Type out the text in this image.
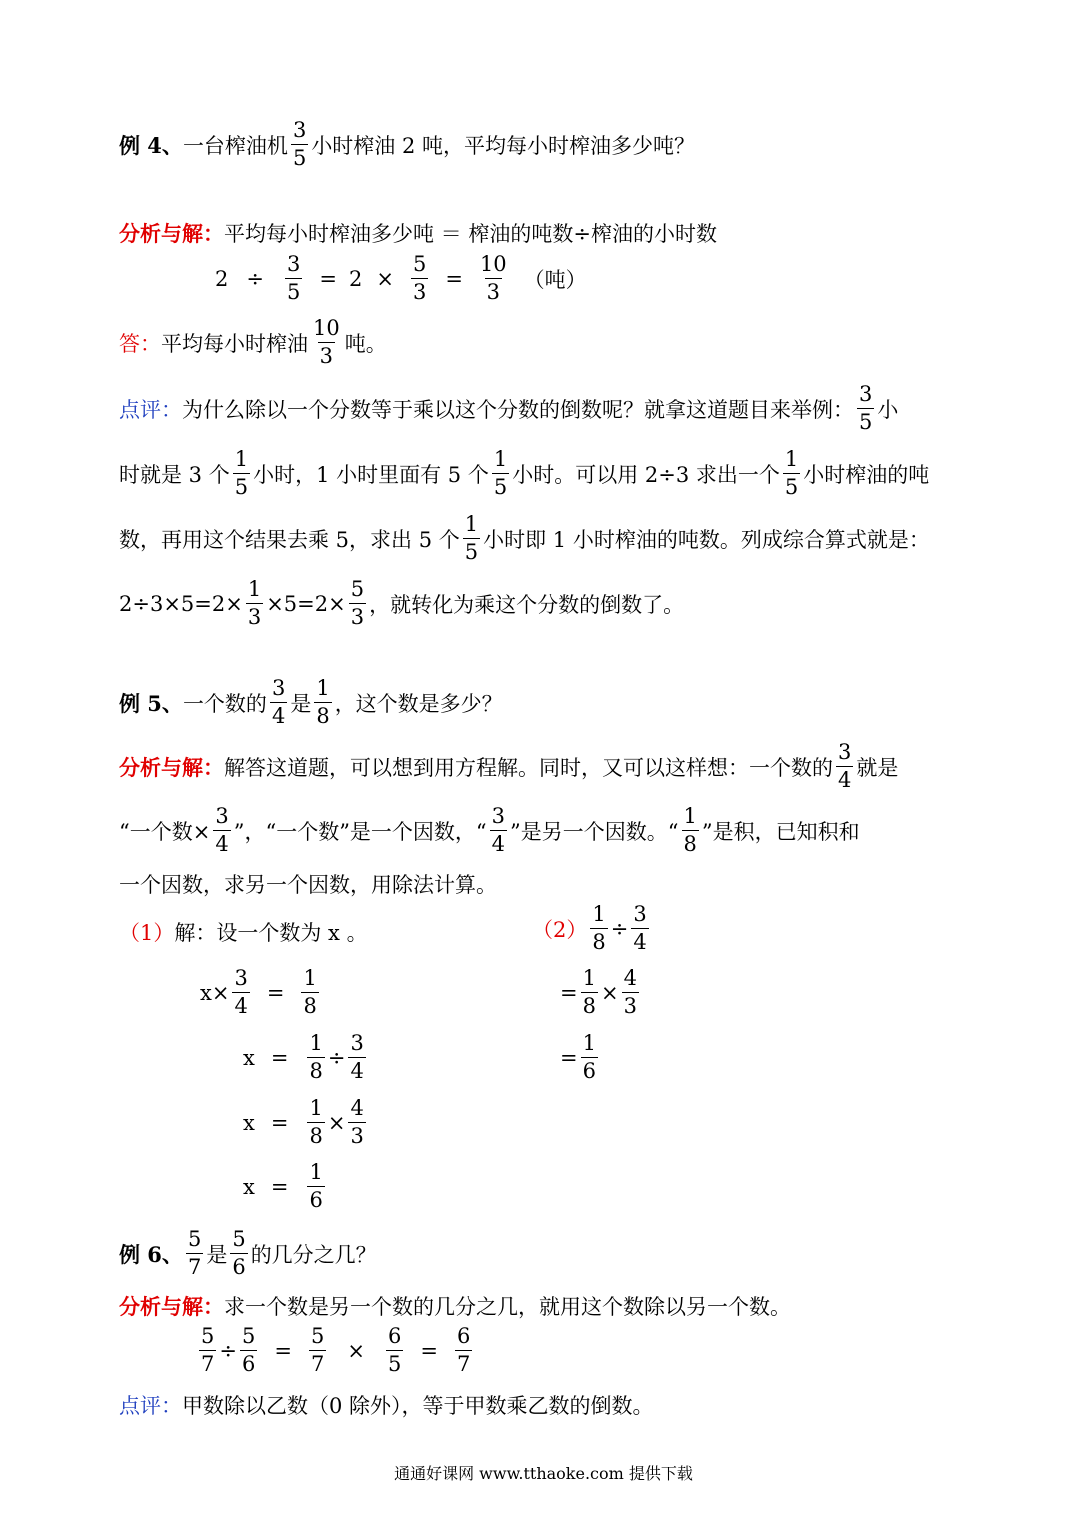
例 4、 一台榨油机
3
5
小时榨油 2 吨，平均每小时榨油多少吨？
分析与解： 平均每小时榨油多少吨 ＝ 榨油的吨数÷榨油的小时数
2 ÷
3
5
= 2 ×
5
3
=
10
3
（吨）
答： 平均每小时榨油
10
3
吨。
点评： 为什么除以一个分数等于乘以这个分数的倒数呢？就拿这道题目来举例：
3
5
小
时就是 3 个
1
5
小时，1 小时里面有 5 个
1
5
小时。可以用 2÷3 求出一个
1
5
小时榨油的吨
数，再用这个结果去乘 5，求出 5 个
1
5
小时即 1 小时榨油的吨数。列成综合算式就是：
$2\div 3\times 5=2\times \frac{1}{3} \times 5=2\times \frac{5}{3}$ ，就转化为乘这个分数的倒数了。
例 5、 一个数的
3
4
是
1
8
，这个数是多少？
分析与解： 解答这道题，可以想到用方程解。同时，又可以这样想：一个数的
3
4
就是
“一个数× $\frac{3}{4}$ ”，“一个数”是一个因数，“
3
4
”是另一个因数。“
1
8
”是积，已知积和
一个因数，求另一个因数，用除法计算。
（1） 解：设一个数为 x 。
$x\times \frac{3}{4}$ =
1
8
$x = \frac{1}{8} \div \frac{3}{4}$
$x = \frac{1}{8} \times \frac{4}{3}$
x =
1
6
$(2) \frac{1}{8} \div \frac{3}{4}$
= $\frac{1}{8} \times \frac{4}{3}$
= $\frac{1}{6}$
例 6、
5
7
是
5
6
的几分之几？
分析与解： 求一个数是另一个数的几分之几，就用这个数除以另一个数。
$\frac{5}{7} \div \frac{5}{6}$ =
5
7
×
6
5
=
6
7
点评： 甲数除以乙数（0 除外），等于甲数乘乙数的倒数。
通通好课网 www.tthaoke.com 提供下载
